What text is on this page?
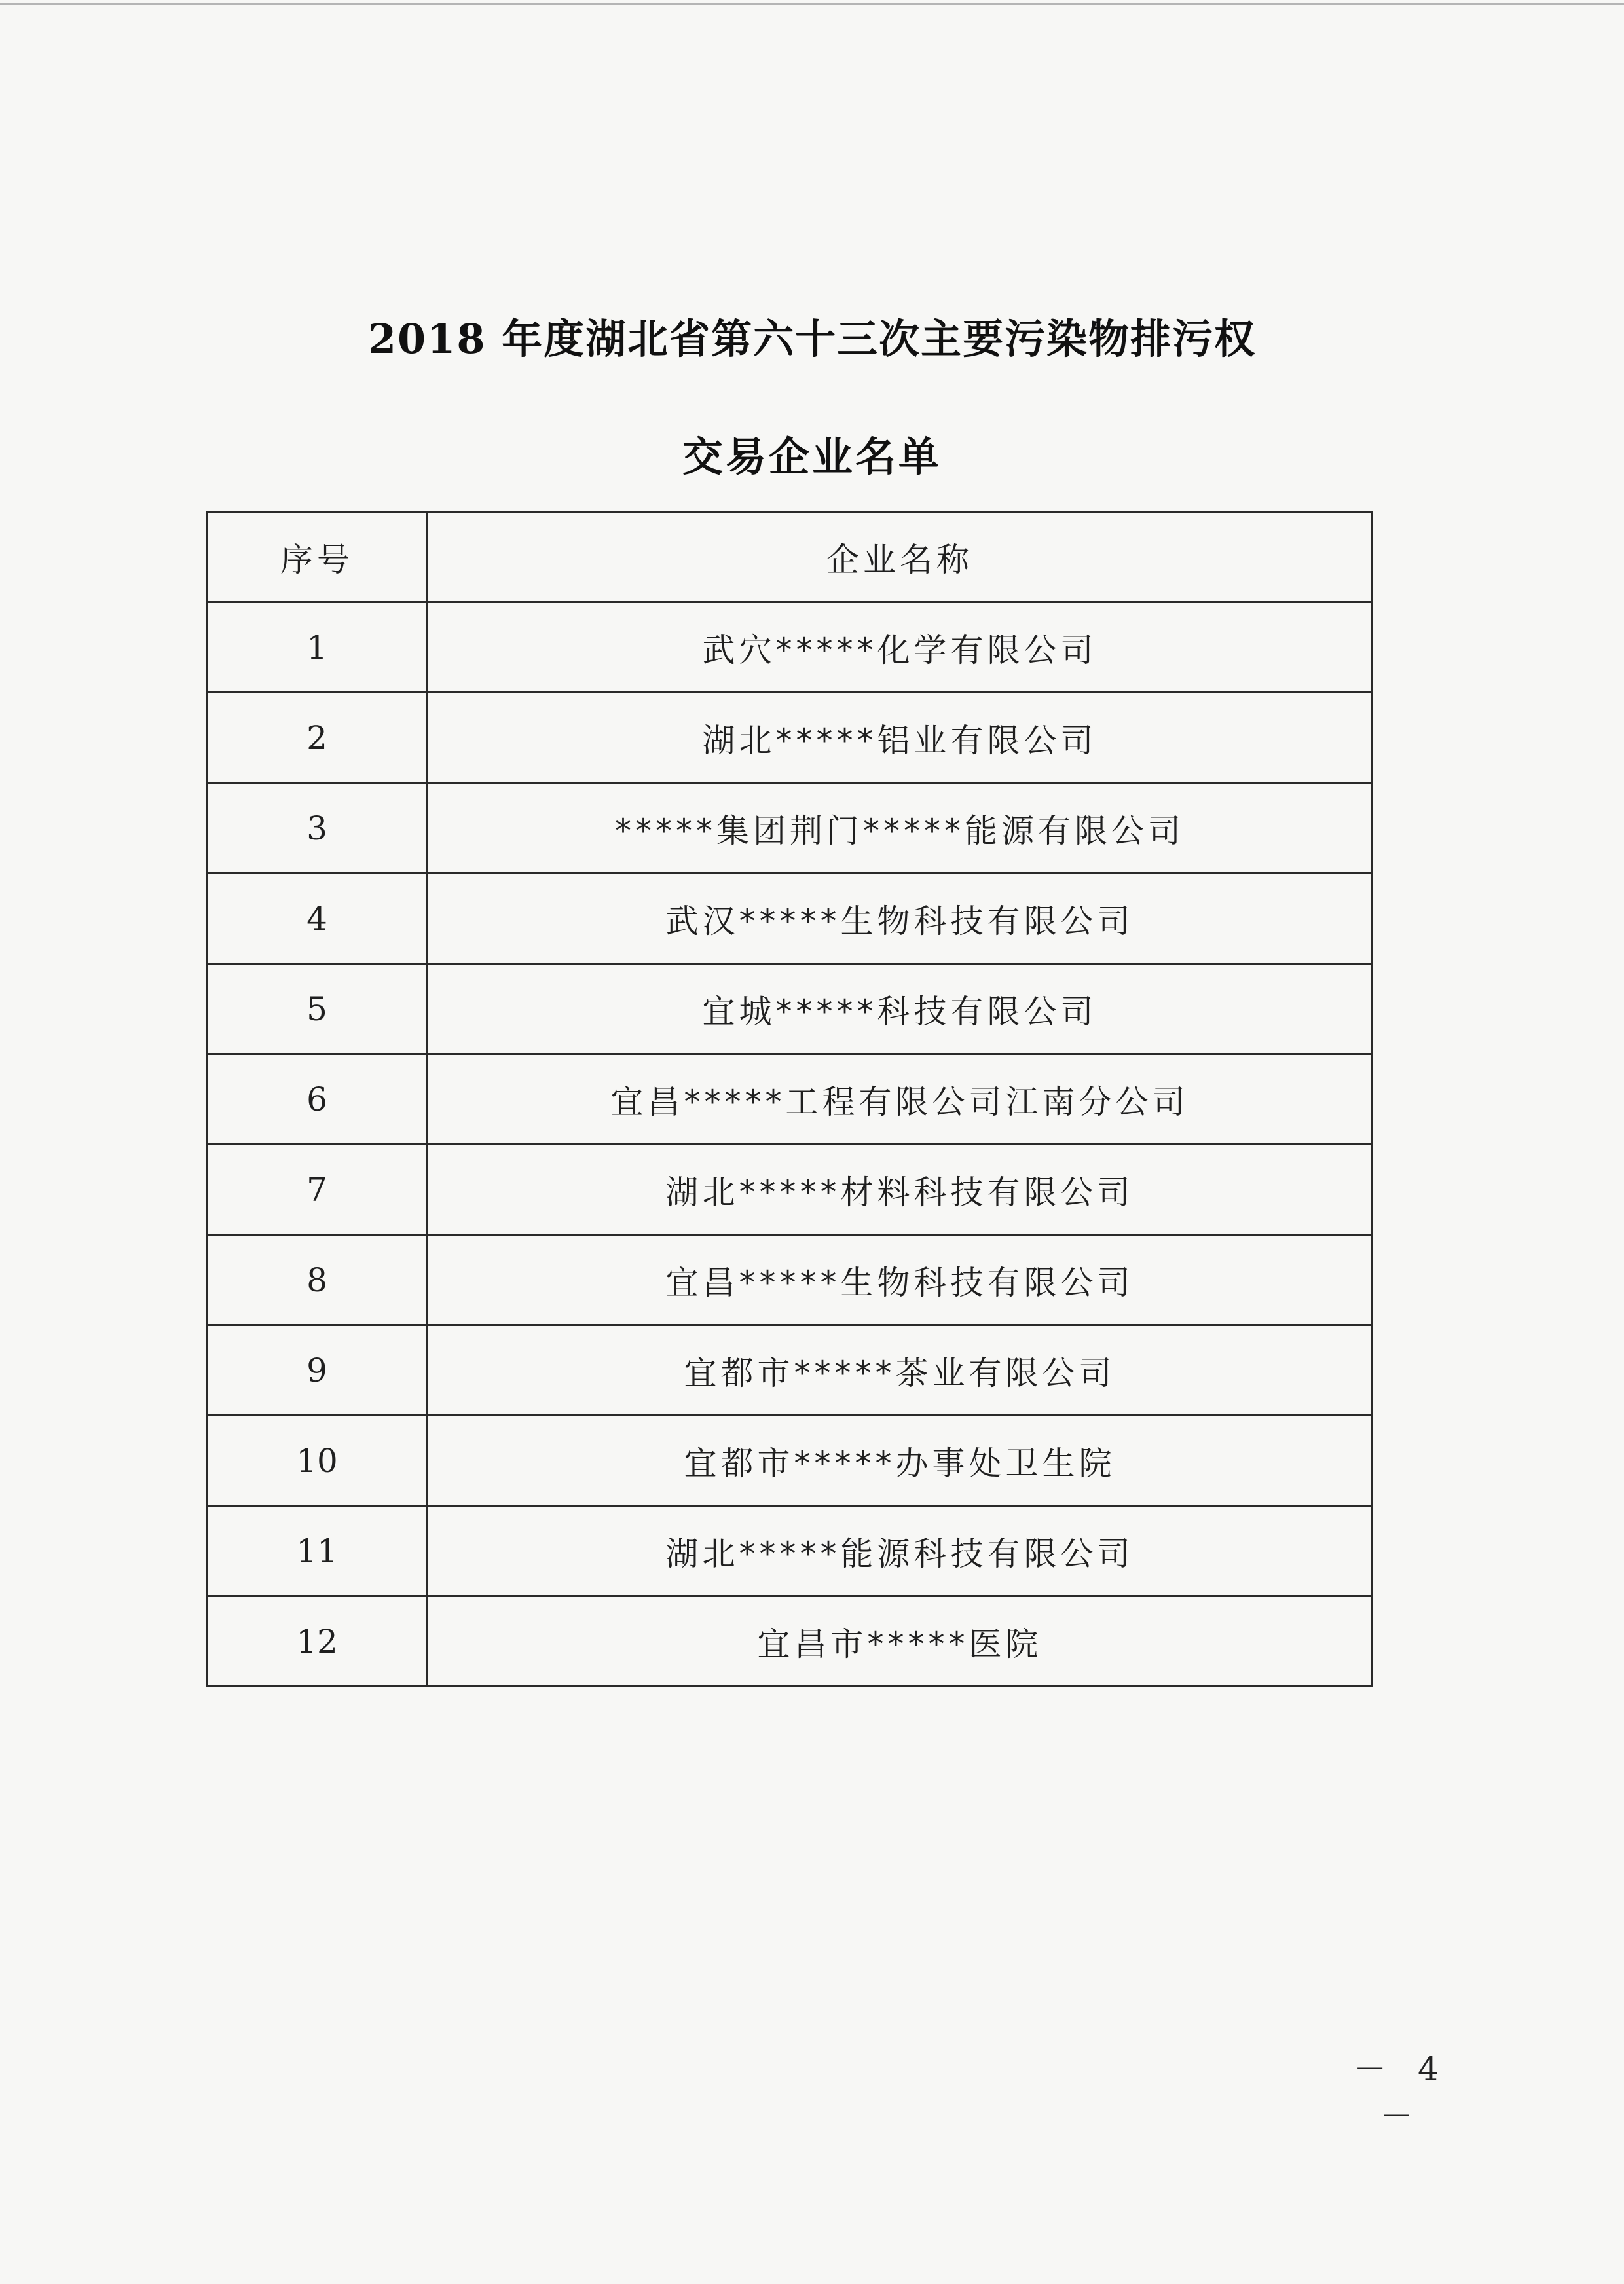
2018 年度湖北省第六十三次主要污染物排污权
交易企业名单
序号	企业名称
1	武穴*****化学有限公司
2	湖北*****铝业有限公司
3	*****集团荆门*****能源有限公司
4	武汉*****生物科技有限公司
5	宜城*****科技有限公司
6	宜昌*****工程有限公司江南分公司
7	湖北*****材料科技有限公司
8	宜昌*****生物科技有限公司
9	宜都市*****茶业有限公司
10	宜都市*****办事处卫生院
11	湖北*****能源科技有限公司
12	宜昌市*****医院
－ 4 －
